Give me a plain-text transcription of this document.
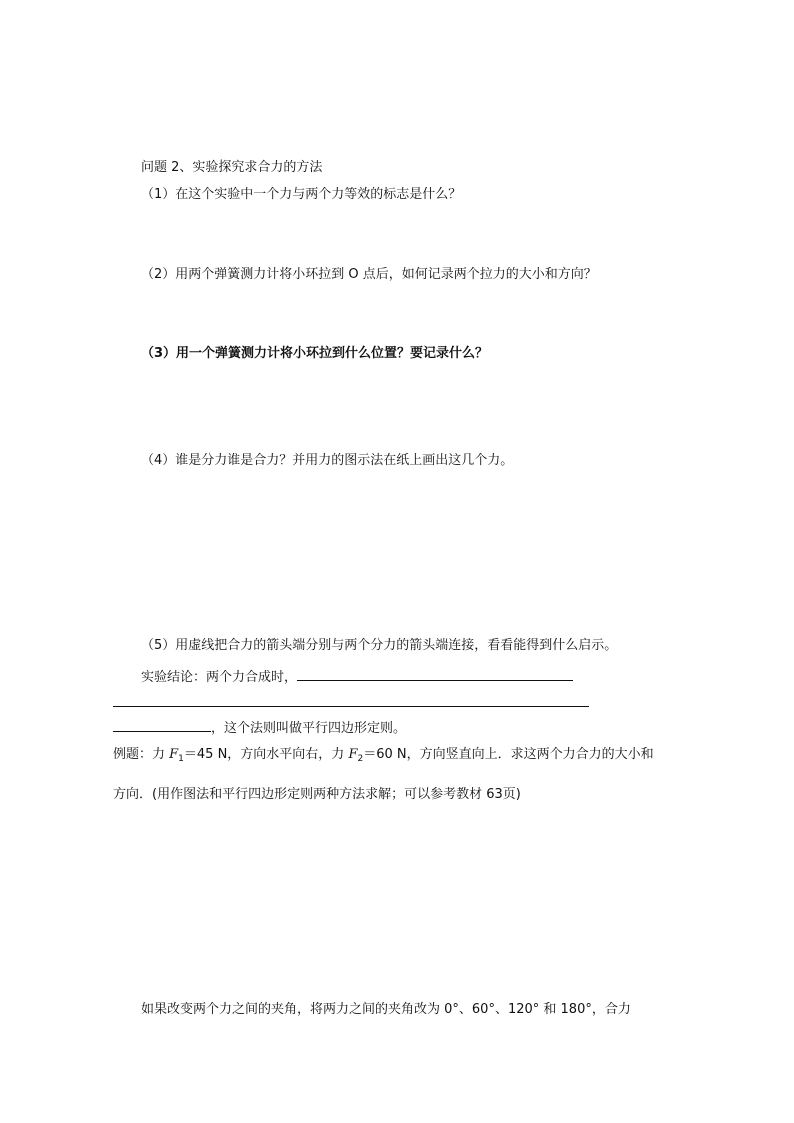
问题 2、实验探究求合力的方法
（1）在这个实验中一个力与两个力等效的标志是什么？
（2）用两个弹簧测力计将小环拉到 O 点后，如何记录两个拉力的大小和方向？
（3）用一个弹簧测力计将小环拉到什么位置？要记录什么？
（4）谁是分力谁是合力？并用力的图示法在纸上画出这几个力。
（5）用虚线把合力的箭头端分别与两个分力的箭头端连接，看看能得到什么启示。
实验结论：两个力合成时，
，这个法则叫做平行四边形定则。
例题：力 $F_1=45$ N，方向水平向右，力 $F_2=60$ N，方向竖直向上．求这两个力合力的大小和
方向．(用作图法和平行四边形定则两种方法求解；可以参考教材 63页)
如果改变两个力之间的夹角，将两力之间的夹角改为 0°、60°、120° 和 180°，合力
